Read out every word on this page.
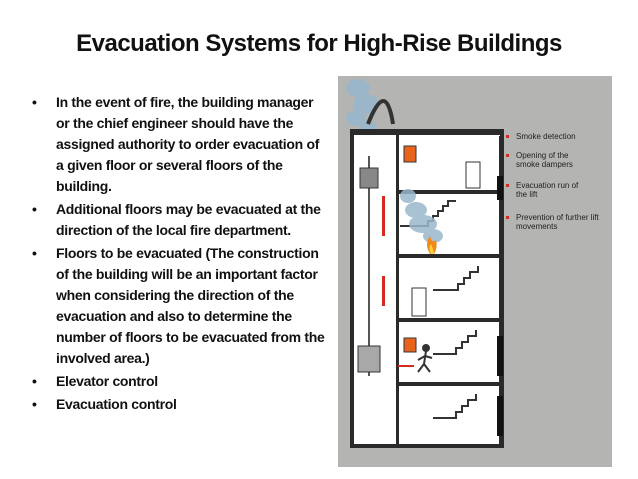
Evacuation Systems for High-Rise Buildings
• In the event of fire, the building manager or the chief engineer should have the assigned authority to order evacuation of a given floor or several floors of the building.
• Additional floors may be evacuated at the direction of the local fire department.
• Floors to be evacuated (The construction of the building will be an important factor when considering the direction of the evacuation and also to determine the number of floors to be evacuated from the involved area.)
• Elevator control
• Evacuation control
Smoke detection
Opening of the smoke dampers
Evacuation run of the lift
Prevention of further lift movements
